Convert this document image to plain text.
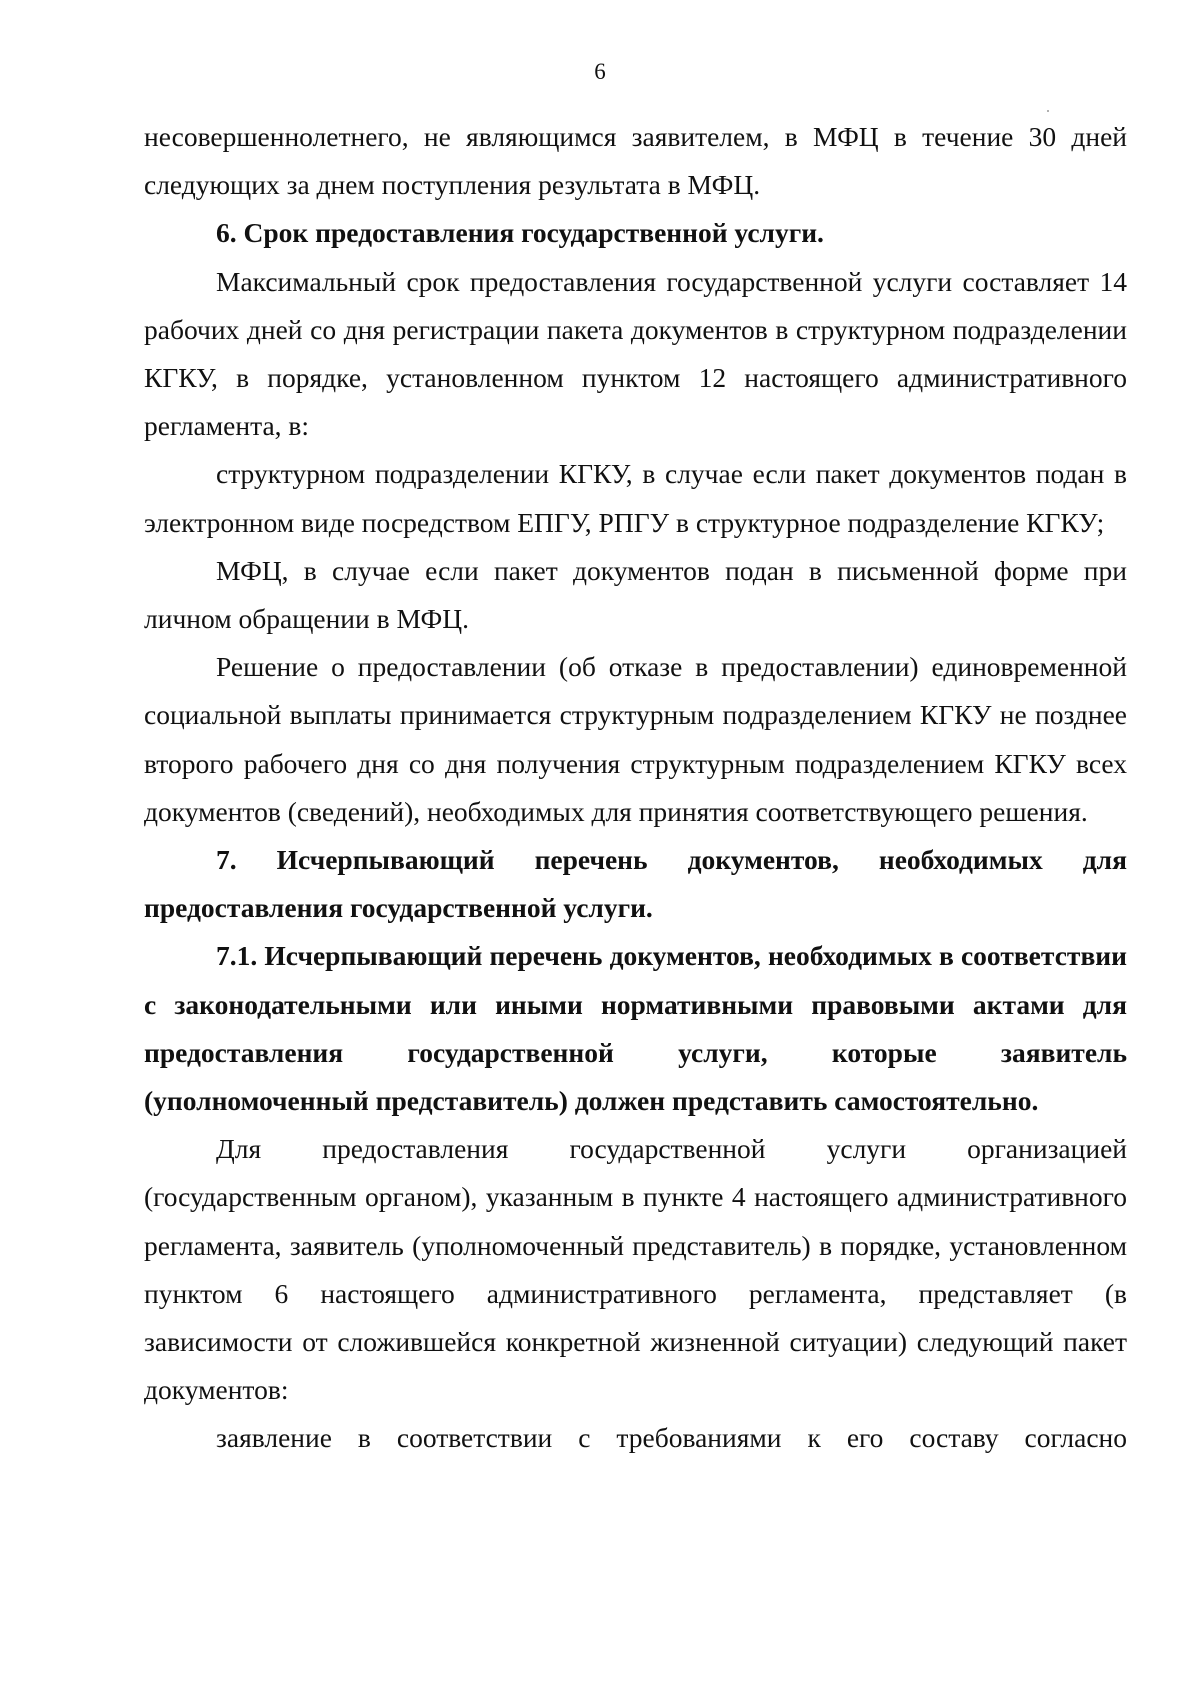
6

несовершеннолетнего, не являющимся заявителем, в МФЦ в течение 30 дней следующих за днем поступления результата в МФЦ.

6. Срок предоставления государственной услуги.

Максимальный срок предоставления государственной услуги составляет 14 рабочих дней со дня регистрации пакета документов в структурном подразделении КГКУ, в порядке, установленном пунктом 12 настоящего административного регламента, в:

структурном подразделении КГКУ, в случае если пакет документов подан в электронном виде посредством ЕПГУ, РПГУ в структурное подразделение КГКУ;

МФЦ, в случае если пакет документов подан в письменной форме при личном обращении в МФЦ.

Решение о предоставлении (об отказе в предоставлении) единовременной социальной выплаты принимается структурным подразделением КГКУ не позднее второго рабочего дня со дня получения структурным подразделением КГКУ всех документов (сведений), необходимых для принятия соответствующего решения.

7. Исчерпывающий перечень документов, необходимых для предоставления государственной услуги.

7.1. Исчерпывающий перечень документов, необходимых в соответствии с законодательными или иными нормативными правовыми актами для предоставления государственной услуги, которые заявитель (уполномоченный представитель) должен представить самостоятельно.

Для предоставления государственной услуги организацией (государственным органом), указанным в пункте 4 настоящего административного регламента, заявитель (уполномоченный представитель) в порядке, установленном пунктом 6 настоящего административного регламента, представляет (в зависимости от сложившейся конкретной жизненной ситуации) следующий пакет документов:

заявление в соответствии с требованиями к его составу согласно
